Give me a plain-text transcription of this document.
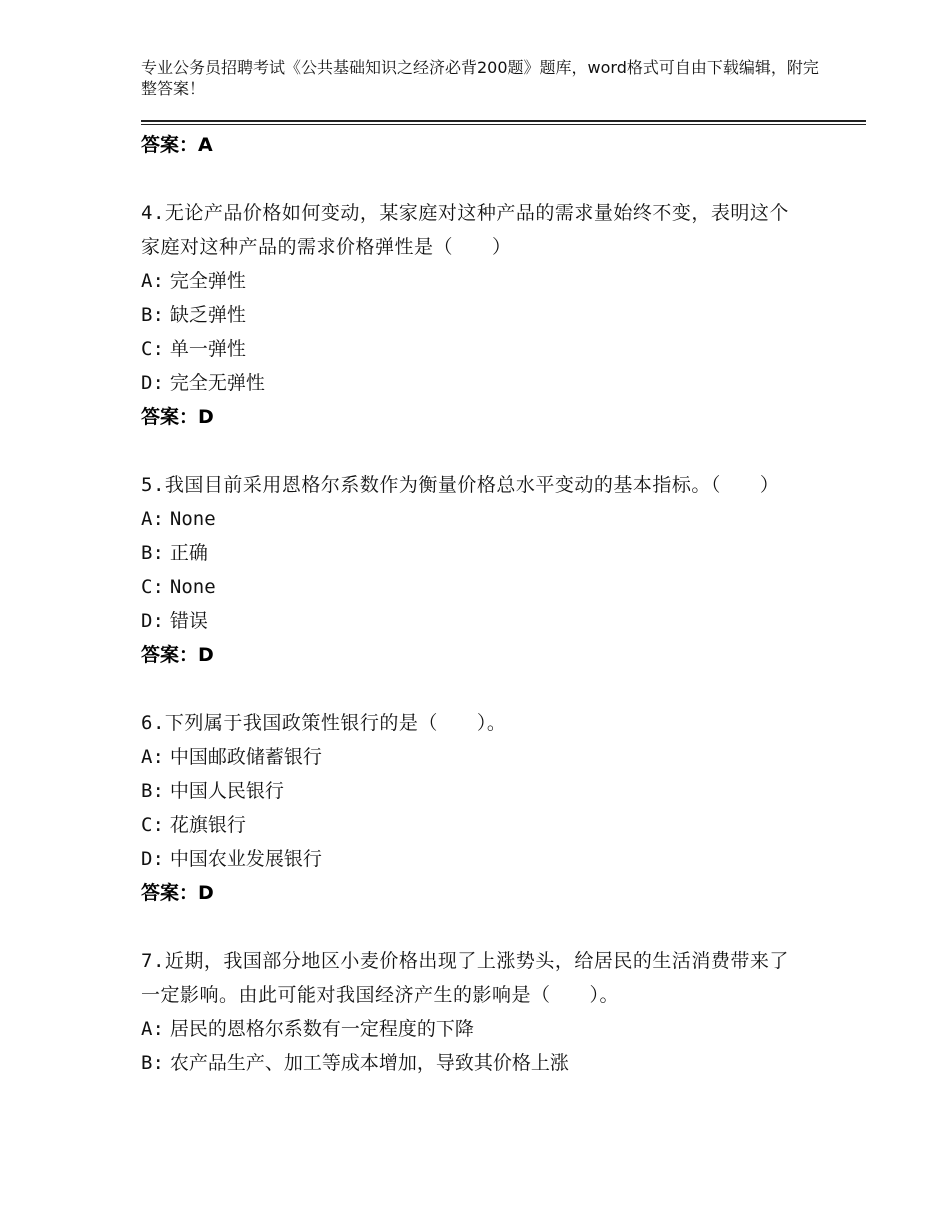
专业公务员招聘考试《公共基础知识之经济必背200题》题库，word格式可自由下载编辑，附完整答案！
答案：A
4.无论产品价格如何变动，某家庭对这种产品的需求量始终不变，表明这个家庭对这种产品的需求价格弹性是（　　）
A: 完全弹性
B: 缺乏弹性
C: 单一弹性
D: 完全无弹性
答案：D
5.我国目前采用恩格尔系数作为衡量价格总水平变动的基本指标。（　　）
A: None
B: 正确
C: None
D: 错误
答案：D
6.下列属于我国政策性银行的是（　　）。
A: 中国邮政储蓄银行
B: 中国人民银行
C: 花旗银行
D: 中国农业发展银行
答案：D
7.近期，我国部分地区小麦价格出现了上涨势头，给居民的生活消费带来了一定影响。由此可能对我国经济产生的影响是（　　）。
A: 居民的恩格尔系数有一定程度的下降
B: 农产品生产、加工等成本增加，导致其价格上涨
